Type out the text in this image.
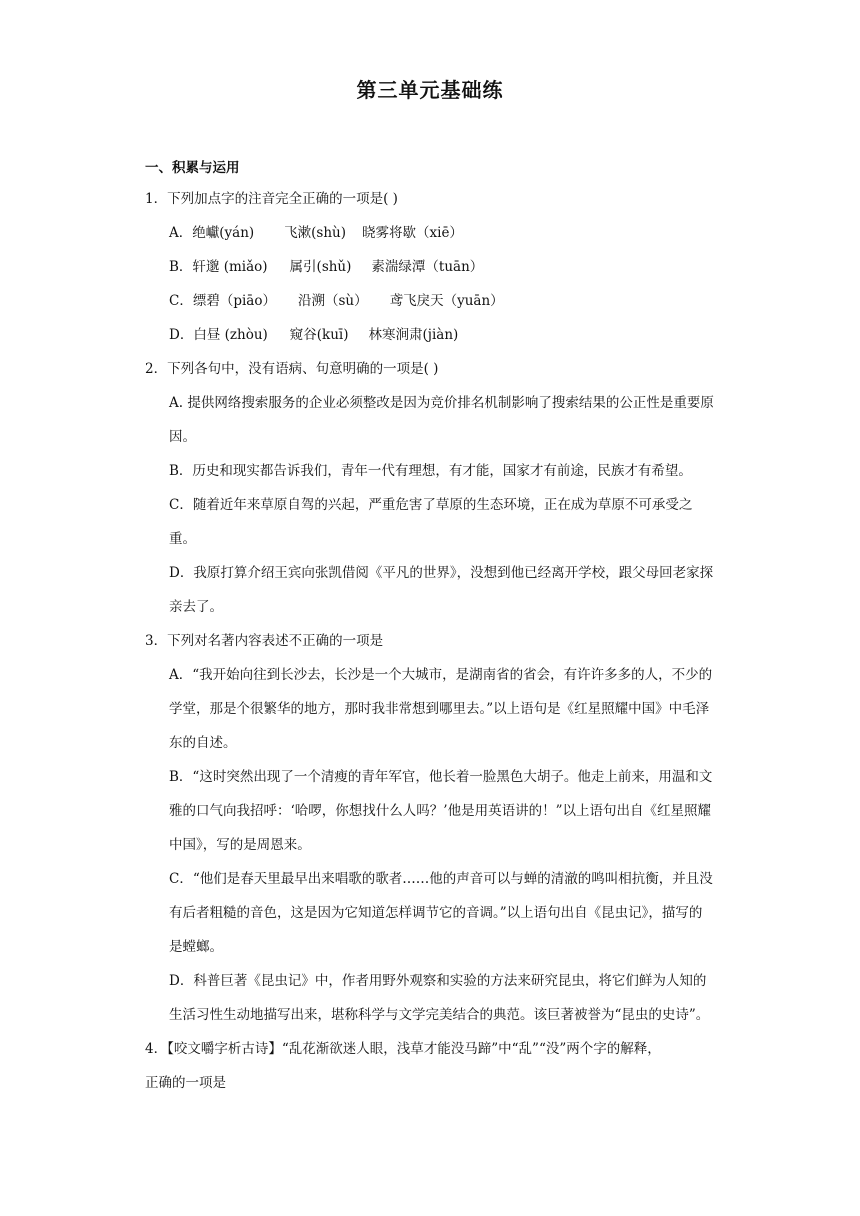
第三单元基础练
一、积累与运用

1．下列加点字的注音完全正确的一项是( )

A．绝巘(yán) 飞漱(shù) 晓雾将歇（xiē）

B．轩邈 (miǎo) 属引(shǔ) 素湍绿潭（tuān）

C．缥碧（piāo） 沿溯（sù） 鸢飞戾天（yuān）

D．白昼 (zhòu) 窥谷(kuī) 林寒涧肃(jiàn)

2．下列各句中，没有语病、句意明确的一项是( )

A. 提供网络搜索服务的企业必须整改是因为竞价排名机制影响了搜索结果的公正性是重要原因。

B．历史和现实都告诉我们，青年一代有理想，有才能，国家才有前途，民族才有希望。

C．随着近年来草原自驾的兴起，严重危害了草原的生态环境，正在成为草原不可承受之重。

D．我原打算介绍王宾向张凯借阅《平凡的世界》，没想到他已经离开学校，跟父母回老家探亲去了。

3．下列对名著内容表述不正确的一项是

A．“我开始向往到长沙去，长沙是一个大城市，是湖南省的省会，有许许多多的人，不少的学堂，那是个很繁华的地方，那时我非常想到哪里去。”以上语句是《红星照耀中国》中毛泽东的自述。

B．“这时突然出现了一个清瘦的青年军官，他长着一脸黑色大胡子。他走上前来，用温和文雅的口气向我招呼：‘哈啰，你想找什么人吗？’他是用英语讲的！”以上语句出自《红星照耀中国》，写的是周恩来。

C．“他们是春天里最早出来唱歌的歌者……他的声音可以与蝉的清澈的鸣叫相抗衡，并且没有后者粗糙的音色，这是因为它知道怎样调节它的音调。”以上语句出自《昆虫记》，描写的是螳螂。

D．科普巨著《昆虫记》中，作者用野外观察和实验的方法来研究昆虫，将它们鲜为人知的生活习性生动地描写出来，堪称科学与文学完美结合的典范。该巨著被誉为“昆虫的史诗”。

4．【咬文嚼字析古诗】“乱花渐欲迷人眼，浅草才能没马蹄”中“乱”“没”两个字的解释，
正确的一项是
